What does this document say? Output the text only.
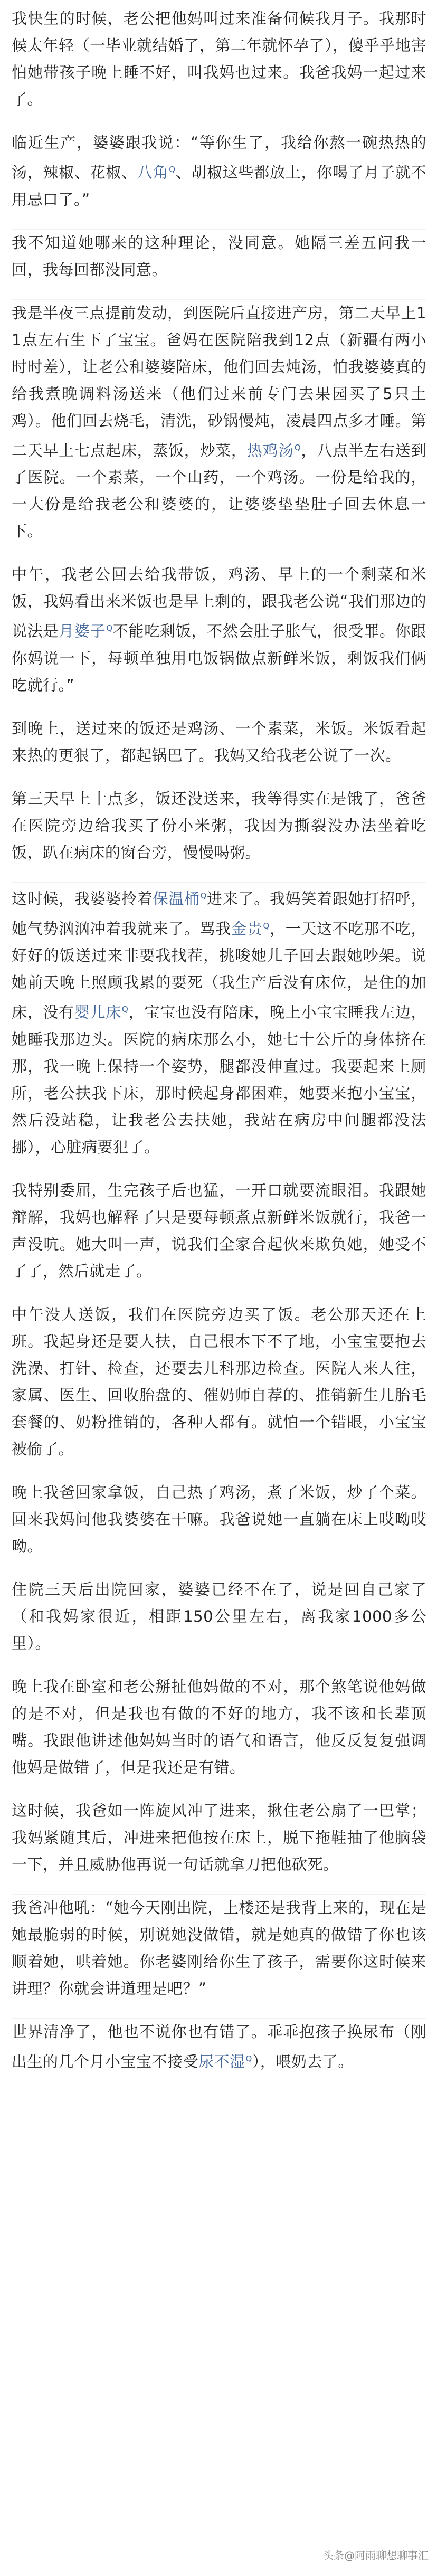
我快生的时候，老公把他妈叫过来准备伺候我月子。我那时候太年轻（一毕业就结婚了，第二年就怀孕了），傻乎乎地害怕她带孩子晚上睡不好，叫我妈也过来。我爸我妈一起过来了。

临近生产，婆婆跟我说：“等你生了，我给你熬一碗热热的汤，辣椒、花椒、八角$^Q$、胡椒这些都放上，你喝了月子就不用忌口了。”

我不知道她哪来的这种理论，没同意。她隔三差五问我一回，我每回都没同意。

我是半夜三点提前发动，到医院后直接进产房，第二天早上11点左右生下了宝宝。爸妈在医院陪我到12点（新疆有两小时时差），让老公和婆婆陪床，他们回去炖汤，怕我婆婆真的给我煮晚调料汤送来（他们过来前专门去果园买了5只土鸡）。他们回去烧毛，清洗，砂锅慢炖，凌晨四点多才睡。第二天早上七点起床，蒸饭，炒菜，热鸡汤$^Q$，八点半左右送到了医院。一个素菜，一个山药，一个鸡汤。一份是给我的，一大份是给我老公和婆婆的，让婆婆垫垫肚子回去休息一下。

中午，我老公回去给我带饭，鸡汤、早上的一个剩菜和米饭，我妈看出来米饭也是早上剩的，跟我老公说“我们那边的说法是月婆子$^Q$不能吃剩饭，不然会肚子胀气，很受罪。你跟你妈说一下，每顿单独用电饭锅做点新鲜米饭，剩饭我们俩吃就行。”

到晚上，送过来的饭还是鸡汤、一个素菜，米饭。米饭看起来热的更狠了，都起锅巴了。我妈又给我老公说了一次。

第三天早上十点多，饭还没送来，我等得实在是饿了，爸爸在医院旁边给我买了份小米粥，我因为撕裂没办法坐着吃饭，趴在病床的窗台旁，慢慢喝粥。

这时候，我婆婆拎着保温桶$^Q$进来了。我妈笑着跟她打招呼，她气势汹汹冲着我就来了。骂我金贵$^Q$，一天这不吃那不吃，好好的饭送过来非要我找茬，挑唆她儿子回去跟她吵架。说她前天晚上照顾我累的要死（我生产后没有床位，是住的加床，没有婴儿床$^Q$，宝宝也没有陪床，晚上小宝宝睡我左边，她睡我那边头。医院的病床那么小，她七十公斤的身体挤在那，我一晚上保持一个姿势，腿都没伸直过。我要起来上厕所，老公扶我下床，那时候起身都困难，她要来抱小宝宝，然后没站稳，让我老公去扶她，我站在病房中间腿都没法挪），心脏病要犯了。

我特别委屈，生完孩子后也猛，一开口就要流眼泪。我跟她辩解，我妈也解释了只是要每顿煮点新鲜米饭就行，我爸一声没吭。她大叫一声，说我们全家合起伙来欺负她，她受不了了，然后就走了。

中午没人送饭，我们在医院旁边买了饭。老公那天还在上班。我起身还是要人扶，自己根本下不了地，小宝宝要抱去洗澡、打针、检查，还要去儿科那边检查。医院人来人往，家属、医生、回收胎盘的、催奶师自荐的、推销新生儿胎毛套餐的、奶粉推销的，各种人都有。就怕一个错眼，小宝宝被偷了。

晚上我爸回家拿饭，自己热了鸡汤，煮了米饭，炒了个菜。回来我妈问他我婆婆在干嘛。我爸说她一直躺在床上哎呦哎呦。

住院三天后出院回家，婆婆已经不在了，说是回自己家了（和我妈家很近，相距150公里左右，离我家1000多公里）。

晚上我在卧室和老公掰扯他妈做的不对，那个煞笔说他妈做的是不对，但是我也有做的不好的地方，我不该和长辈顶嘴。我跟他讲述他妈妈当时的语气和语言，他反反复复强调他妈是做错了，但是我还是有错。

这时候，我爸如一阵旋风冲了进来，揪住老公扇了一巴掌；我妈紧随其后，冲进来把他按在床上，脱下拖鞋抽了他脑袋一下，并且威胁他再说一句话就拿刀把他砍死。

我爸冲他吼：“她今天刚出院，上楼还是我背上来的，现在是她最脆弱的时候，别说她没做错，就是她真的做错了你也该顺着她，哄着她。你老婆刚给你生了孩子，需要你这时候来讲理？你就会讲道理是吧？”

世界清净了，他也不说你也有错了。乖乖抱孩子换尿布（刚出生的几个月小宝宝不接受尿不湿$^Q$），喂奶去了。

头条@阿雨聊想聊事汇
